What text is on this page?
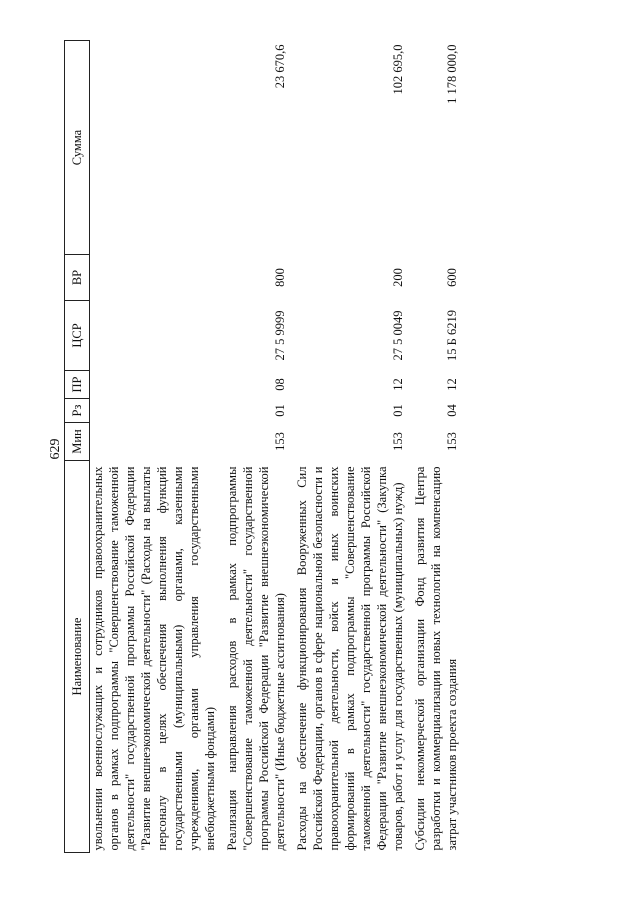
629
Наименование	Мин	Рз	ПР	ЦСР	ВР	Сумма
увольнении военнослужащих и сотрудников правоохранительных органов в рамках подпрограммы "Совершенствование таможенной деятельности" государственной программы Российской Федерации "Развитие внешнеэкономической деятельности" (Расходы на выплаты персоналу в целях обеспечения выполнения функций государственными (муниципальными) органами, казенными учреждениями, органами управления государственными внебюджетными фондами)						
Реализация направления расходов в рамках подпрограммы "Совершенствование таможенной деятельности" государственной программы Российской Федерации "Развитие внешнеэкономической деятельности" (Иные бюджетные ассигнования)	153	01	08	27 5 9999	800	23 670,6
Расходы на обеспечение функционирования Вооруженных Сил Российской Федерации, органов в сфере национальной безопасности и правоохранительной деятельности, войск и иных воинских формирований в рамках подпрограммы "Совершенствование таможенной деятельности" государственной программы Российской Федерации "Развитие внешнеэкономической деятельности" (Закупка товаров, работ и услуг для государственных (муниципальных) нужд)	153	01	12	27 5 0049	200	102 695,0
Субсидии некоммерческой организации Фонд развития Центра разработки и коммерциализации новых технологий на компенсацию затрат участников проекта создания	153	04	12	15 Б 6219	600	1 178 000,0
